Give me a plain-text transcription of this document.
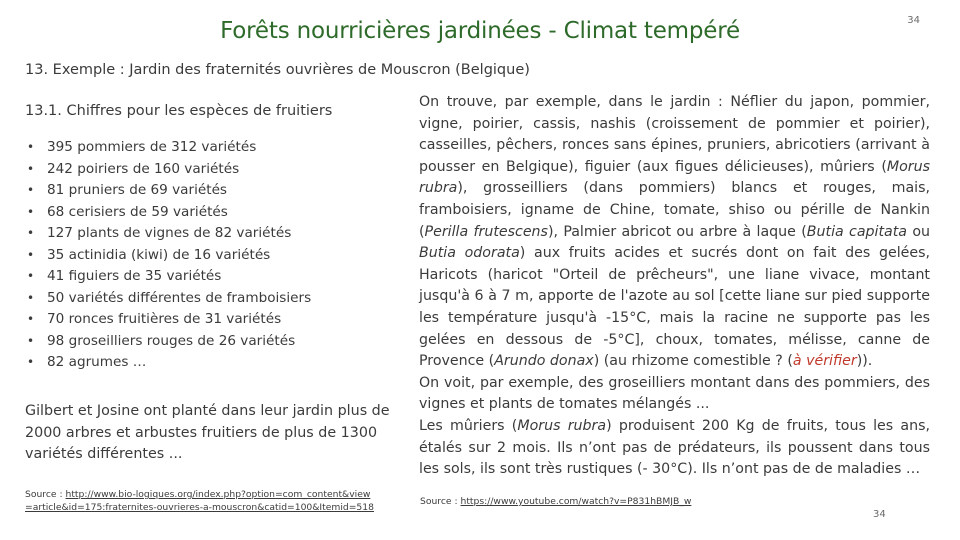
Forêts nourricières jardinées - Climat tempéré	34
13. Exemple : Jardin des fraternités ouvrières de Mouscron (Belgique)
13.1. Chiffres pour les espèces de fruitiers
• 395 pommiers de 312 variétés
• 242 poiriers de 160 variétés
• 81 pruniers de 69 variétés
• 68 cerisiers de 59 variétés
• 127 plants de vignes de 82 variétés
• 35 actinidia (kiwi) de 16 variétés
• 41 figuiers de 35 variétés
• 50 variétés différentes de framboisiers
• 70 ronces fruitières de 31 variétés
• 98 groseilliers rouges de 26 variétés
• 82 agrumes …
Gilbert et Josine ont planté dans leur jardin plus de 2000 arbres et arbustes fruitiers de plus de 1300 variétés différentes ...
Source : http://www.bio-logiques.org/index.php?option=com_content&view=article&id=175:fraternites-ouvrieres-a-mouscron&catid=100&Itemid=518

On trouve, par exemple, dans le jardin : Néflier du japon, pommier, vigne, poirier, cassis, nashis (croissement de pommier et poirier), casseilles, pêchers, ronces sans épines, pruniers, abricotiers (arrivant à pousser en Belgique), figuier (aux figues délicieuses), mûriers (Morus rubra), grosseilliers (dans pommiers) blancs et rouges, mais, framboisiers, igname de Chine, tomate, shiso ou pérille de Nankin (Perilla frutescens), Palmier abricot ou arbre à laque (Butia capitata ou Butia odorata) aux fruits acides et sucrés dont on fait des gelées, Haricots (haricot "Orteil de prêcheurs", une liane vivace, montant jusqu'à 6 à 7 m, apporte de l'azote au sol [cette liane sur pied supporte les température jusqu'à -15°C, mais la racine ne supporte pas les gelées en dessous de -5°C], choux, tomates, mélisse, canne de Provence (Arundo donax) (au rhizome comestible ? (à vérifier)).

On voit, par exemple, des groseilliers montant dans des pommiers, des vignes et plants de tomates mélangés ...

Les mûriers (Morus rubra) produisent 200 Kg de fruits, tous les ans, étalés sur 2 mois. Ils n’ont pas de prédateurs, ils poussent dans tous les sols, ils sont très rustiques (- 30°C). Ils n’ont pas de de maladies …

Source : https://www.youtube.com/watch?v=P831hBMJB_w
34
